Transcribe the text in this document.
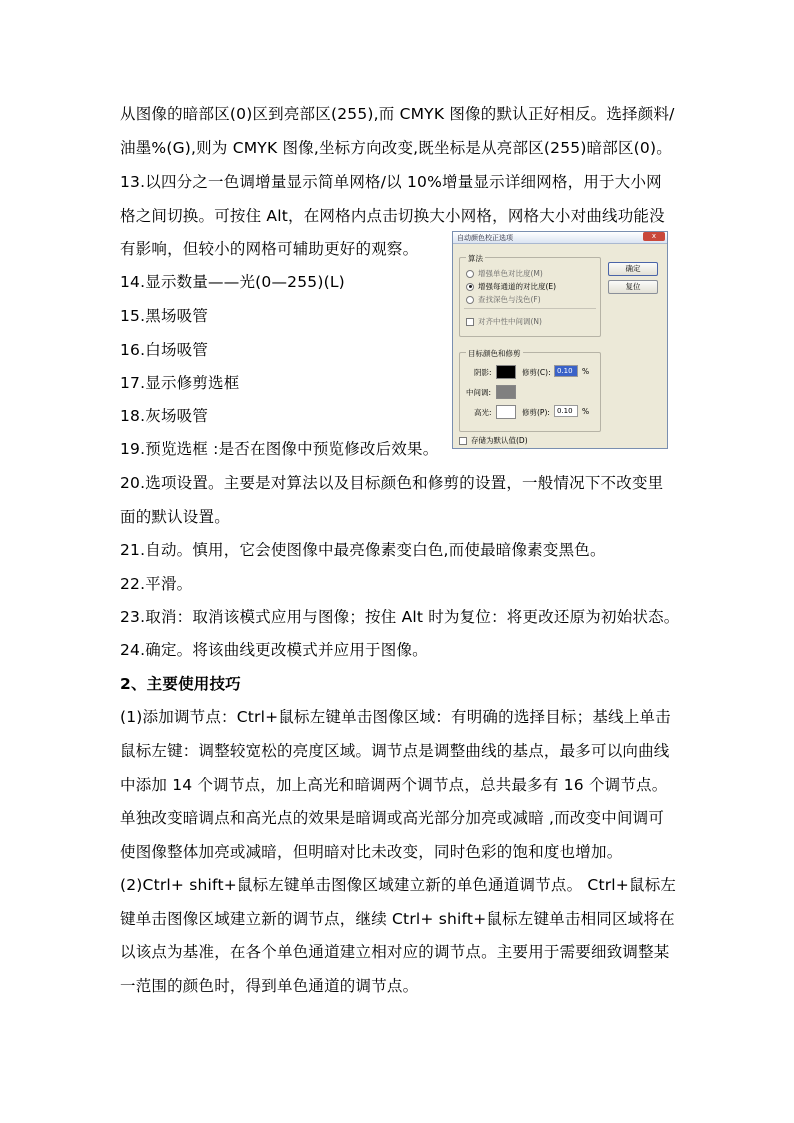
从图像的暗部区(0)区到亮部区(255),而 CMYK 图像的默认正好相反。选择颜料/
油墨%(G),则为 CMYK 图像,坐标方向改变,既坐标是从亮部区(255)暗部区(0)。
13.以四分之一色调增量显示简单网格/以 10%增量显示详细网格，用于大小网
格之间切换。可按住 Alt，在网格内点击切换大小网格，网格大小对曲线功能没
有影响，但较小的网格可辅助更好的观察。
14.显示数量——光(0—255)(L)
15.黑场吸管
16.白场吸管
17.显示修剪选框
18.灰场吸管
19.预览选框 :是否在图像中预览修改后效果。
20.选项设置。主要是对算法以及目标颜色和修剪的设置，一般情况下不改变里
面的默认设置。
21.自动。慎用，它会使图像中最亮像素变白色,而使最暗像素变黑色。
22.平滑。
23.取消：取消该模式应用与图像；按住 Alt 时为复位：将更改还原为初始状态。
24.确定。将该曲线更改模式并应用于图像。
2、主要使用技巧
(1)添加调节点：Ctrl+鼠标左键单击图像区域：有明确的选择目标；基线上单击
鼠标左键：调整较宽松的亮度区域。调节点是调整曲线的基点，最多可以向曲线
中添加 14 个调节点，加上高光和暗调两个调节点，总共最多有 16 个调节点。
单独改变暗调点和高光点的效果是暗调或高光部分加亮或减暗 ,而改变中间调可
使图像整体加亮或减暗，但明暗对比未改变，同时色彩的饱和度也增加。
(2)Ctrl+ shift+鼠标左键单击图像区域建立新的单色通道调节点。 Ctrl+鼠标左
键单击图像区域建立新的调节点，继续 Ctrl+ shift+鼠标左键单击相同区域将在
以该点为基准，在各个单色通道建立相对应的调节点。主要用于需要细致调整某
一范围的颜色时，得到单色通道的调节点。
自动颜色校正选项	x
算法
增强单色对比度(M)
增强每通道的对比度(E)
查找深色与浅色(F)
对齐中性中间调(N)
确定
复位
目标颜色和修剪
阴影:	修剪(C): 0.10	%
中间调:
高光:	修剪(P):	0.10	%
存储为默认值(D)
